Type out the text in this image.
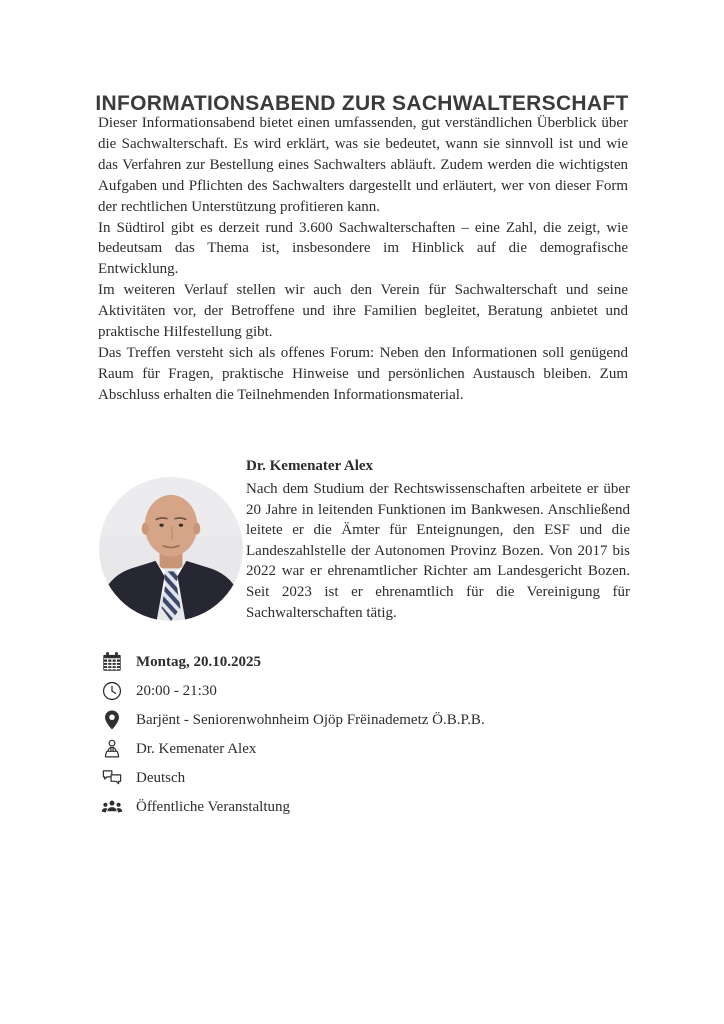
INFORMATIONSABEND ZUR SACHWALTERSCHAFT

Dieser Informationsabend bietet einen umfassenden, gut verständlichen Überblick über die Sachwalterschaft. Es wird erklärt, was sie bedeutet, wann sie sinnvoll ist und wie das Verfahren zur Bestellung eines Sachwalters abläuft. Zudem werden die wichtigsten Aufgaben und Pflichten des Sachwalters dargestellt und erläutert, wer von dieser Form der rechtlichen Unterstützung profitieren kann.

In Südtirol gibt es derzeit rund 3.600 Sachwalterschaften – eine Zahl, die zeigt, wie bedeutsam das Thema ist, insbesondere im Hinblick auf die demografische Entwicklung.

Im weiteren Verlauf stellen wir auch den Verein für Sachwalterschaft und seine Aktivitäten vor, der Betroffene und ihre Familien begleitet, Beratung anbietet und praktische Hilfestellung gibt.

Das Treffen versteht sich als offenes Forum: Neben den Informationen soll genügend Raum für Fragen, praktische Hinweise und persönlichen Austausch bleiben. Zum Abschluss erhalten die Teilnehmenden Informationsmaterial.

Dr. Kemenater Alex
Nach dem Studium der Rechtswissenschaften arbeitete er über 20 Jahre in leitenden Funktionen im Bankwesen. Anschließend leitete er die Ämter für Enteignungen, den ESF und die Landeszahlstelle der Autonomen Provinz Bozen. Von 2017 bis 2022 war er ehrenamtlicher Richter am Landesgericht Bozen. Seit 2023 ist er ehrenamtlich für die Vereinigung für Sachwalterschaften tätig.
Montag, 20.10.2025
20:00 - 21:30
Barjënt - Seniorenwohnheim Ojöp Frëinademetz Ö.B.P.B.
Dr. Kemenater Alex
Deutsch
Öffentliche Veranstaltung
